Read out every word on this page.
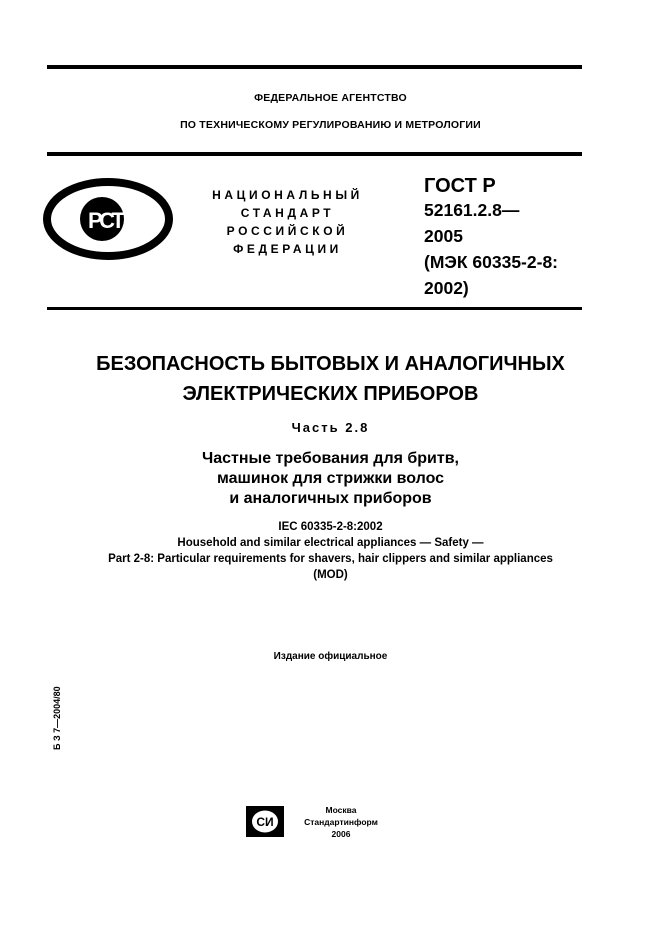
ФЕДЕРАЛЬНОЕ АГЕНТСТВО
ПО ТЕХНИЧЕСКОМУ РЕГУЛИРОВАНИЮ И МЕТРОЛОГИИ
РСТ
НАЦИОНАЛЬНЫЙ
СТАНДАРТ
РОССИЙСКОЙ
ФЕДЕРАЦИИ
ГОСТ Р
52161.2.8—
2005
(МЭК 60335-2-8:
2002)
БЕЗОПАСНОСТЬ БЫТОВЫХ И АНАЛОГИЧНЫХ
ЭЛЕКТРИЧЕСКИХ ПРИБОРОВ
Часть 2.8
Частные требования для бритв,
машинок для стрижки волос
и аналогичных приборов
IEC 60335-2-8:2002
Household and similar electrical appliances — Safety —
Part 2-8: Particular requirements for shavers, hair clippers and similar appliances
(MOD)
Издание официальное
Б З 7—2004/80
СИ
Москва
Стандартинформ
2006
